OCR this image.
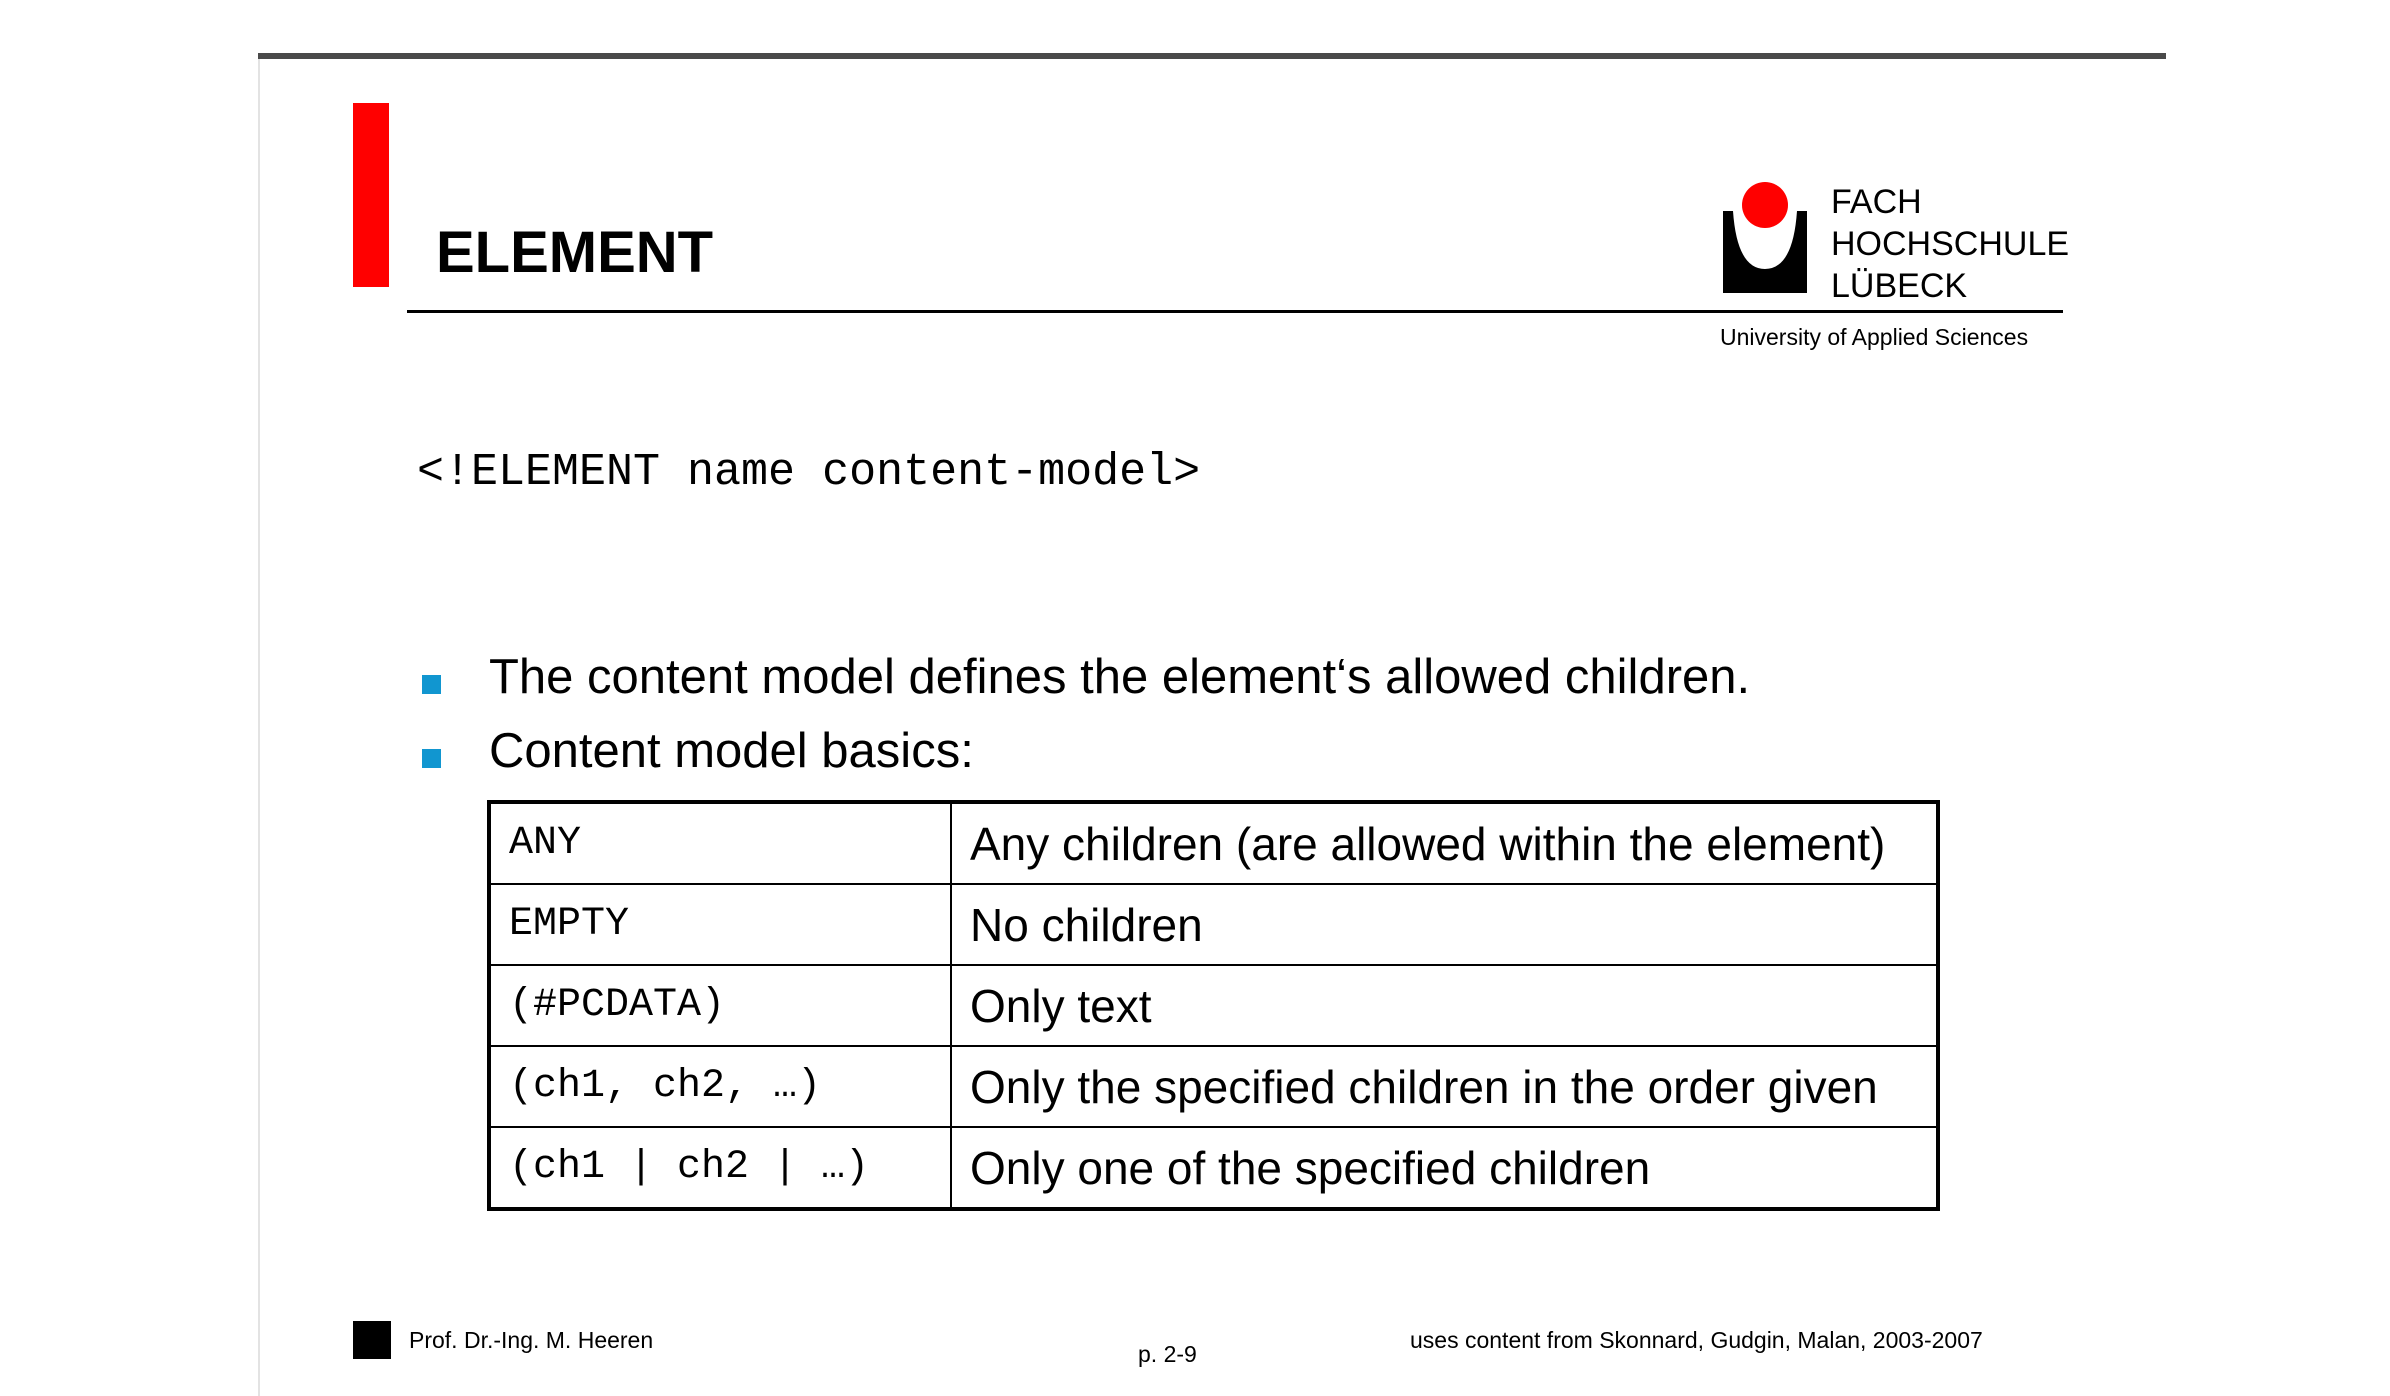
ELEMENT
FACH
HOCHSCHULE
LÜBECK
University of Applied Sciences
<!ELEMENT name content-model>
The content model defines the element‘s allowed children.
Content model basics:
ANY	Any children (are allowed within the element)
EMPTY	No children
(#PCDATA)	Only text
(ch1, ch2, …)	Only the specified children in the order given
(ch1 | ch2 | …)	Only one of the specified children
Prof. Dr.-Ing. M. Heeren
p. 2-9
uses content from Skonnard, Gudgin, Malan, 2003-2007
